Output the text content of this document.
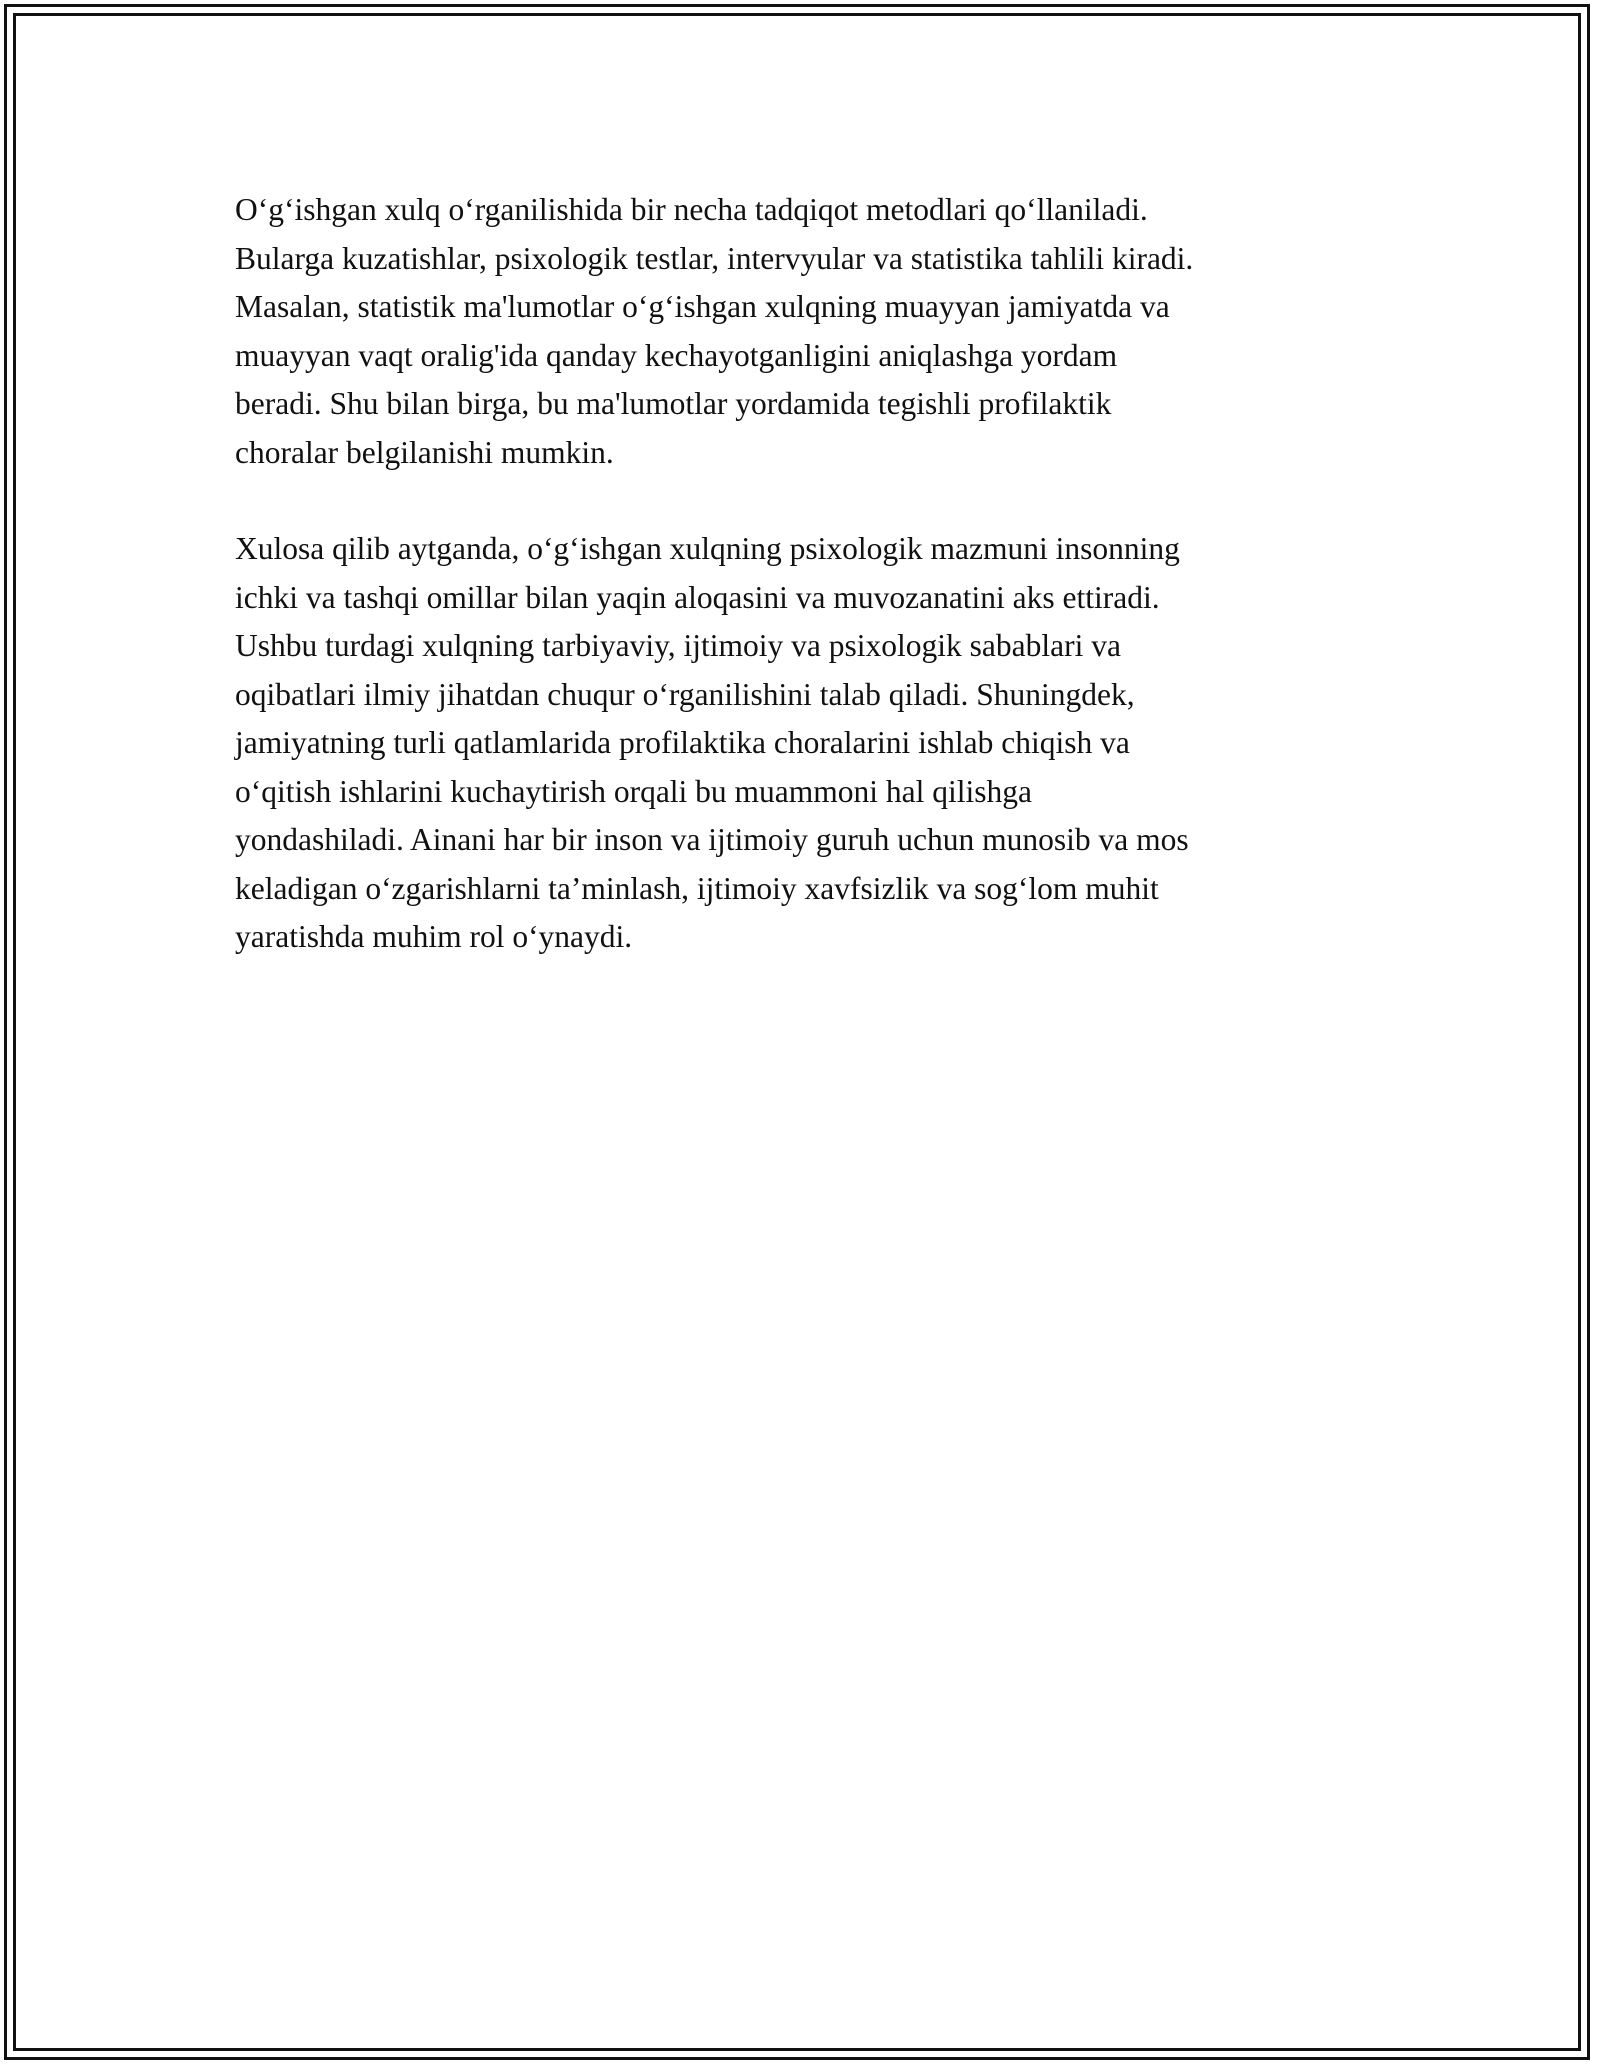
O‘g‘ishgan xulq o‘rganilishida bir necha tadqiqot metodlari qo‘llaniladi.
Bularga kuzatishlar, psixologik testlar, intervyular va statistika tahlili kiradi.
Masalan, statistik ma'lumotlar o‘g‘ishgan xulqning muayyan jamiyatda va
muayyan vaqt oralig'ida qanday kechayotganligini aniqlashga yordam
beradi. Shu bilan birga, bu ma'lumotlar yordamida tegishli profilaktik
choralar belgilanishi mumkin.

Xulosa qilib aytganda, o‘g‘ishgan xulqning psixologik mazmuni insonning
ichki va tashqi omillar bilan yaqin aloqasini va muvozanatini aks ettiradi.
Ushbu turdagi xulqning tarbiyaviy, ijtimoiy va psixologik sabablari va
oqibatlari ilmiy jihatdan chuqur o‘rganilishini talab qiladi. Shuningdek,
jamiyatning turli qatlamlarida profilaktika choralarini ishlab chiqish va
o‘qitish ishlarini kuchaytirish orqali bu muammoni hal qilishga
yondashiladi. Ainani har bir inson va ijtimoiy guruh uchun munosib va mos
keladigan o‘zgarishlarni ta’minlash, ijtimoiy xavfsizlik va sog‘lom muhit
yaratishda muhim rol o‘ynaydi.
